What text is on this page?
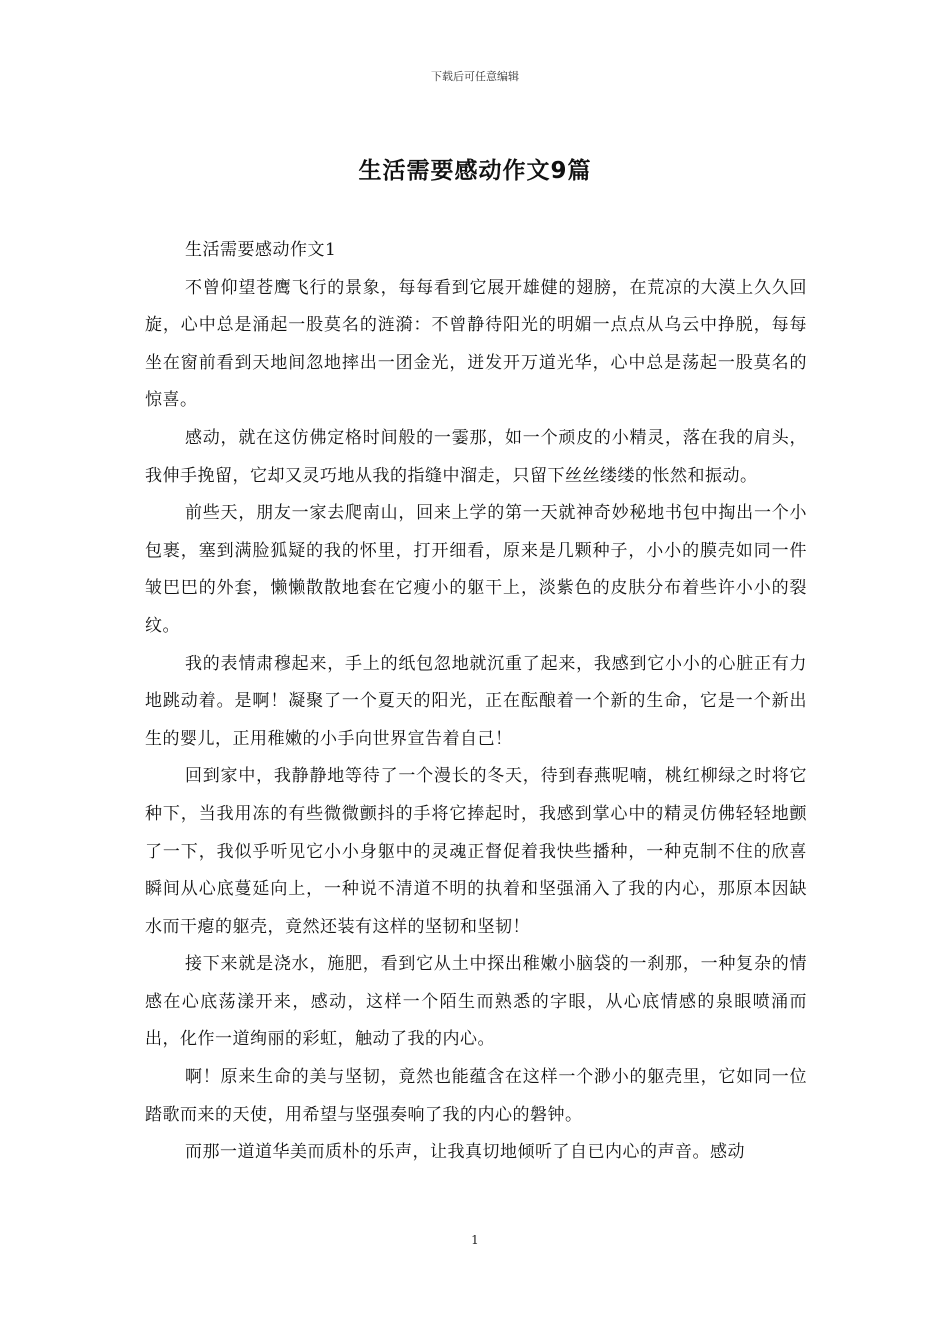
下载后可任意编辑
生活需要感动作文9篇

生活需要感动作文1

不曾仰望苍鹰飞行的景象，每每看到它展开雄健的翅膀，在荒凉的大漠上久久回旋，心中总是涌起一股莫名的涟漪：不曾静待阳光的明媚一点点从乌云中挣脱，每每坐在窗前看到天地间忽地摔出一团金光，迸发开万道光华，心中总是荡起一股莫名的惊喜。

感动，就在这仿佛定格时间般的一霎那，如一个顽皮的小精灵，落在我的肩头，我伸手挽留，它却又灵巧地从我的指缝中溜走，只留下丝丝缕缕的怅然和振动。

前些天，朋友一家去爬南山，回来上学的第一天就神奇妙秘地书包中掏出一个小包裹，塞到满脸狐疑的我的怀里，打开细看，原来是几颗种子，小小的膜壳如同一件皱巴巴的外套，懒懒散散地套在它瘦小的躯干上，淡紫色的皮肤分布着些许小小的裂纹。

我的表情肃穆起来，手上的纸包忽地就沉重了起来，我感到它小小的心脏正有力地跳动着。是啊！凝聚了一个夏天的阳光，正在酝酿着一个新的生命，它是一个新出生的婴儿，正用稚嫩的小手向世界宣告着自己！

回到家中，我静静地等待了一个漫长的冬天，待到春燕呢喃，桃红柳绿之时将它种下，当我用冻的有些微微颤抖的手将它捧起时，我感到掌心中的精灵仿佛轻轻地颤了一下，我似乎听见它小小身躯中的灵魂正督促着我快些播种，一种克制不住的欣喜瞬间从心底蔓延向上，一种说不清道不明的执着和坚强涌入了我的内心，那原本因缺水而干瘪的躯壳，竟然还装有这样的坚韧和坚韧！

接下来就是浇水，施肥，看到它从土中探出稚嫩小脑袋的一刹那，一种复杂的情感在心底荡漾开来，感动，这样一个陌生而熟悉的字眼，从心底情感的泉眼喷涌而出，化作一道绚丽的彩虹，触动了我的内心。

啊！原来生命的美与坚韧，竟然也能蕴含在这样一个渺小的躯壳里，它如同一位踏歌而来的天使，用希望与坚强奏响了我的内心的磐钟。

而那一道道华美而质朴的乐声，让我真切地倾听了自已内心的声音。感动

1
